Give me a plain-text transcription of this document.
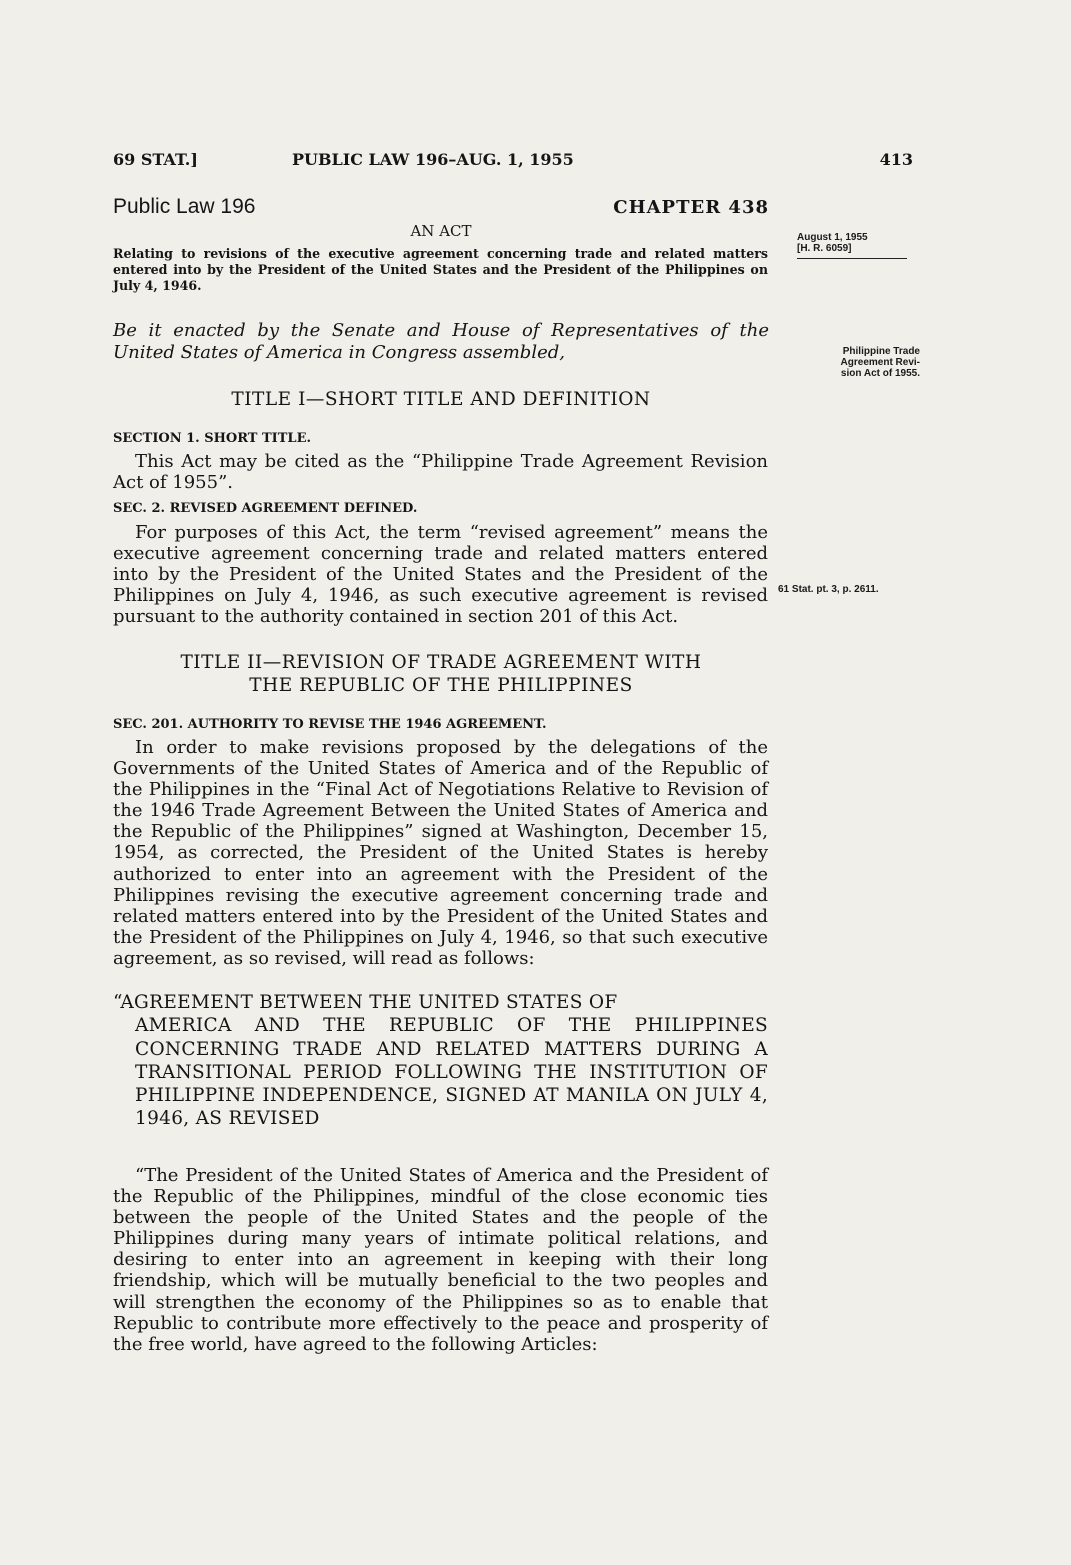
69 STAT.]	PUBLIC LAW 196–AUG. 1, 1955	413
Public Law 196	CHAPTER 438
AN ACT
Relating to revisions of the executive agreement concerning trade and related matters entered into by the President of the United States and the President of the Philippines on July 4, 1946.
Be it enacted by the Senate and House of Representatives of the United States of America in Congress assembled,
TITLE I—SHORT TITLE AND DEFINITION
SECTION 1. SHORT TITLE.
This Act may be cited as the “Philippine Trade Agreement Revision Act of 1955”.
SEC. 2. REVISED AGREEMENT DEFINED.
For purposes of this Act, the term “revised agreement” means the executive agreement concerning trade and related matters entered into by the President of the United States and the President of the Philippines on July 4, 1946, as such executive agreement is revised pursuant to the authority contained in section 201 of this Act.
TITLE II—REVISION OF TRADE AGREEMENT WITH
THE REPUBLIC OF THE PHILIPPINES
SEC. 201. AUTHORITY TO REVISE THE 1946 AGREEMENT.
In order to make revisions proposed by the delegations of the Governments of the United States of America and of the Republic of the Philippines in the “Final Act of Negotiations Relative to Revision of the 1946 Trade Agreement Between the United States of America and the Republic of the Philippines” signed at Washington, December 15, 1954, as corrected, the President of the United States is hereby authorized to enter into an agreement with the President of the Philippines revising the executive agreement concerning trade and related matters entered into by the President of the United States and the President of the Philippines on July 4, 1946, so that such executive agreement, as so revised, will read as follows:
“AGREEMENT BETWEEN THE UNITED STATES OF
AMERICA AND THE REPUBLIC OF THE PHILIPPINES CONCERNING TRADE AND RELATED MATTERS DURING A TRANSITIONAL PERIOD FOLLOWING THE INSTITUTION OF PHILIPPINE INDEPENDENCE, SIGNED AT MANILA ON JULY 4, 1946, AS REVISED
“The President of the United States of America and the President of the Republic of the Philippines, mindful of the close economic ties between the people of the United States and the people of the Philippines during many years of intimate political relations, and desiring to enter into an agreement in keeping with their long friendship, which will be mutually beneficial to the two peoples and will strengthen the economy of the Philippines so as to enable that Republic to contribute more effectively to the peace and prosperity of the free world, have agreed to the following Articles:
August 1, 1955
[H. R. 6059]
Philippine Trade
Agreement Revi-
sion Act of 1955.
61 Stat. pt. 3, p. 2611.
